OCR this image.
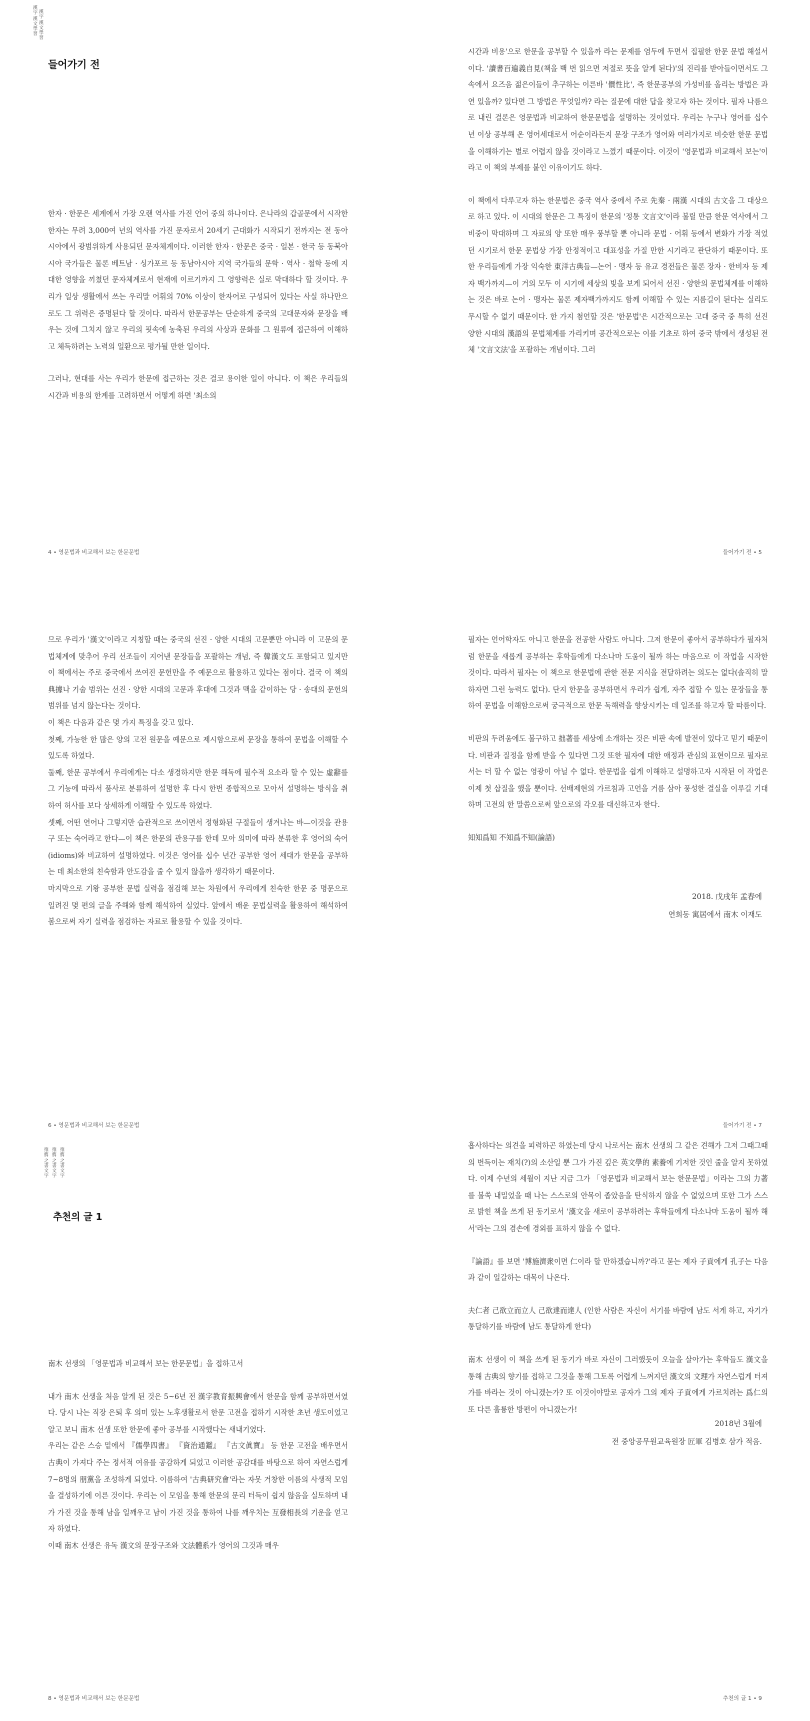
漢字漢文學習
漢字漢文學習
들어가기 전

한자 · 한문은 세계에서 가장 오랜 역사를 가진 언어 중의 하나이다. 은나라의 갑골문에서 시작한 한자는 무려 3,000여 년의 역사를 가진 문자로서 20세기 근대화가 시작되기 전까지는 전 동아시아에서 광범위하게 사용되던 문자체계이다. 이러한 한자 · 한문은 중국 · 일본 · 한국 등 동북아시아 국가들은 물론 베트남 · 싱가포르 등 동남아시아 지역 국가들의 문학 · 역사 · 철학 등에 지대한 영향을 끼쳤던 문자체계로서 현재에 이르기까지 그 영향력은 실로 막대하다 할 것이다. 우리가 일상 생활에서 쓰는 우리말 어휘의 70% 이상이 한자어로 구성되어 있다는 사실 하나만으로도 그 위력은 증명된다 할 것이다. 따라서 한문공부는 단순하게 중국의 고대문자와 문장을 배우는 것에 그치지 않고 우리의 핏속에 농축된 우리의 사상과 문화를 그 원류에 접근하여 이해하고 체득하려는 노력의 일환으로 평가될 만한 일이다.

그러나, 현대를 사는 우리가 한문에 접근하는 것은 결코 용이한 일이 아니다. 이 책은 우리들의 시간과 비용의 한계를 고려하면서 어떻게 하면 '최소의

4 • 영문법과 비교해서 보는 한문문법

시간과 비용'으로 한문을 공부할 수 있을까 라는 문제를 염두에 두면서 집필한 한문 문법 해설서이다. '讀書百遍義自見(책을 백 번 읽으면 저절로 뜻을 알게 된다)'의 진리를 받아들이면서도 그 속에서 요즈음 젊은이들이 추구하는 이른바 '價性比', 즉 한문공부의 가성비를 올리는 방법은 과연 있을까? 있다면 그 방법은 무엇일까? 라는 질문에 대한 답을 찾고자 하는 것이다. 필자 나름으로 내린 결론은 영문법과 비교하여 한문문법을 설명하는 것이었다. 우리는 누구나 영어를 십수 년 이상 공부해 온 영어세대로서 어순이라든지 문장 구조가 영어와 여러가지로 비슷한 한문 문법을 이해하기는 별로 어렵지 않을 것이라고 느꼈기 때문이다. 이것이 '영문법과 비교해서 보는'이라고 이 책의 부제를 붙인 이유이기도 하다.

이 책에서 다루고자 하는 한문법은 중국 역사 중에서 주로 先秦 · 兩漢 시대의 古文을 그 대상으로 하고 있다. 이 시대의 한문은 그 특징이 한문의 '정통 文言文'이라 불릴 만큼 한문 역사에서 그 비중이 막대하며 그 자료의 양 또한 매우 풍부할 뿐 아니라 문법 · 어휘 등에서 변화가 가장 적었던 시기로서 한문 문법상 가장 안정적이고 대표성을 가질 만한 시기라고 판단하기 때문이다. 또한 우리들에게 가장 익숙한 東洋古典들—논어 · 맹자 등 유교 경전들은 물론 장자 · 한비자 등 제자 백가까지—이 거의 모두 이 시기에 세상의 빛을 보게 되어서 선진 · 양한의 문법체계를 이해하는 것은 바로 논어 · 맹자는 물론 제자백가까지도 함께 이해할 수 있는 지름길이 된다는 실리도 무시할 수 없기 때문이다. 한 가지 첨언할 것은 '한문법'은 시간적으로는 고대 중국 중 특히 선진 양한 시대의 漢語의 문법체계를 가리키며 공간적으로는 이를 기초로 하여 중국 밖에서 생성된 전체 '文言文法'을 포괄하는 개념이다. 그러

들어가기 전 • 5

므로 우리가 '漢文'이라고 지칭할 때는 중국의 선진 · 양한 시대의 고문뿐만 아니라 이 고문의 문법체계에 맞추어 우리 선조들이 지어낸 문장들을 포괄하는 개념, 즉 韓漢文도 포함되고 있지만 이 책에서는 주로 중국에서 쓰여진 문헌만을 주 예문으로 활용하고 있다는 점이다. 결국 이 책의 典據나 기술 범위는 선진 · 양한 시대의 고문과 후대에 그것과 맥을 같이하는 당 · 송대의 문헌의 범위를 넘지 않는다는 것이다.

이 책은 다음과 같은 몇 가지 특징을 갖고 있다.

첫째, 가능한 한 많은 양의 고전 원문을 예문으로 제시함으로써 문장을 통하여 문법을 이해할 수 있도록 하였다.

둘째, 한문 공부에서 우리에게는 다소 생경하지만 한문 해독에 필수적 요소라 할 수 있는 虛辭를 그 기능에 따라서 품사로 분류하여 설명한 후 다시 한번 종합적으로 모아서 설명하는 방식을 취하여 허사를 보다 상세하게 이해할 수 있도록 하였다.

셋째, 어떤 연어나 그렇지만 습관적으로 쓰이면서 정형화된 구절들이 생겨나는 바—이것을 관용구 또는 숙어라고 한다—이 책은 한문의 관용구를 한데 모아 의미에 따라 분류한 후 영어의 숙어(idioms)와 비교하여 설명하였다. 이것은 영어를 십수 년간 공부한 영어 세대가 한문을 공부하는 데 최소한의 친숙함과 안도감을 줄 수 있지 않을까 생각하기 때문이다.

마지막으로 기왕 공부한 문법 실력을 점검해 보는 차원에서 우리에게 친숙한 한문 중 명문으로 일려진 몇 편의 글을 주해와 함께 해석하여 실었다. 앞에서 배운 문법실력을 활용하여 해석하여 봄으로써 자기 실력을 점검하는 자료로 활용할 수 있을 것이다.

6 • 영문법과 비교해서 보는 한문문법

필자는 언어학자도 아니고 한문을 전공한 사람도 아니다. 그저 한문이 좋아서 공부하다가 필자처럼 한문을 새롭게 공부하는 후학들에게 다소나마 도움이 될까 하는 마음으로 이 작업을 시작한 것이다. 따라서 필자는 이 책으로 한문법에 관한 전문 지식을 전달하려는 의도는 없다(솔직히 말하자면 그런 능력도 없다). 단지 한문을 공부하면서 우리가 쉽게, 자주 접할 수 있는 문장들을 통하여 문법을 이해함으로써 궁극적으로 한문 독해력을 향상시키는 데 일조를 하고자 할 따름이다.

비판의 두려움에도 불구하고 拙著를 세상에 소개하는 것은 비판 속에 발전이 있다고 믿기 때문이다. 비판과 질정을 함께 받을 수 있다면 그것 또한 필자에 대한 애정과 관심의 표현이므로 필자로서는 더 할 수 없는 영광이 아닐 수 없다. 한문법을 쉽게 이해하고 설명하고자 시작된 이 작업은 이제 첫 삽질을 했을 뿐이다. 선배제현의 가르침과 고언을 거름 삼아 풍성한 결실을 이루길 기대하며 고전의 한 말씀으로써 앞으로의 각오를 대신하고자 한다.

知知爲知 不知爲不知(論語)

2018. 戊戌年 孟春에
연희동 寓居에서 南木 이재도
들어가기 전 • 7
推薦之書文字
推薦之書文字
推薦之書文字
추천의 글 1

南木 선생의 「영문법과 비교해서 보는 한문문법」을 접하고서

내가 南木 선생을 처음 알게 된 것은 5~6년 전 漢字教育振興會에서 한문을 함께 공부하면서였다. 당시 나는 직장 은퇴 후 의미 있는 노후생활로서 한문 고전을 접하기 시작한 초년 생도이었고 알고 보니 南木 선생 또한 한문에 좋아 공부를 시작했다는 새내기였다.

우리는 같은 스승 밑에서 『儒學四書』 『資治通鑑』 『古文眞寶』 등 한문 고전을 배우면서 古典이 가져다 주는 정서적 여유를 공감하게 되었고 이러한 공감대를 바탕으로 하여 자연스럽게 7~8명의 朋黨을 조성하게 되었다. 이름하여 '古典研究會'라는 자못 거창한 이름의 사생적 모임을 결성하기에 이른 것이다. 우리는 이 모임을 통해 한문의 문리 터득이 쉽지 않음을 실토하며 내가 가진 것을 통해 남을 일깨우고 남이 가진 것을 통하여 나를 깨우치는 互發相長의 기운을 얻고자 하였다.

이때 南木 선생은 유독 漢文의 문장구조와 文法體系가 영어의 그것과 매우

8 • 영문법과 비교해서 보는 한문문법

흡사하다는 의견을 피력하곤 하였는데 당시 나로서는 南木 선생의 그 같은 견해가 그저 그때그때의 번득이는 재치(?)의 소산일 뿐 그가 가진 깊은 英文學的 素養에 기저한 것인 줄을 알지 못하였다. 이제 수년의 세월이 지난 지금 그가 「영문법과 비교해서 보는 한문문법」이라는 그의 力著를 불쑥 내밀었을 때 나는 스스로의 안목이 좁았음을 탄식하지 않을 수 없었으며 또한 그가 스스로 밝힌 책을 쓰게 된 동기로서 '漢文을 새로이 공부하려는 후학들에게 다소나마 도움이 될까 해서'라는 그의 겸손에 경외를 표하지 않을 수 없다.

『論語』를 보면 '博施濟衆이면 仁이라 할 만하겠습니까?'라고 묻는 제자 子貢에게 孔子는 다음과 같이 일갈하는 대목이 나온다.

夫仁者 己欲立而立人 己欲達而達人 (인한 사람은 자신이 서기를 바람에 남도 서게 하고, 자기가 통달하기를 바람에 남도 통달하게 한다)

南木 선생이 이 책을 쓰게 된 동기가 바로 자신이 그러했듯이 오늘을 살아가는 후학들도 漢文을 통해 古典의 향기를 접하고 그것을 통해 그토록 어렵게 느껴지던 漢文의 文理가 자연스럽게 터져가를 바라는 것이 아니겠는가? 또 이것이야말로 공자가 그의 제자 子貢에게 가르치려는 爲仁의 또 다른 훌륭한 방편이 아니겠는가!

2018년 3월에
전 중앙공무원교육원장 匠軍 김병호 삼가 적음.
추천의 글 1 • 9
